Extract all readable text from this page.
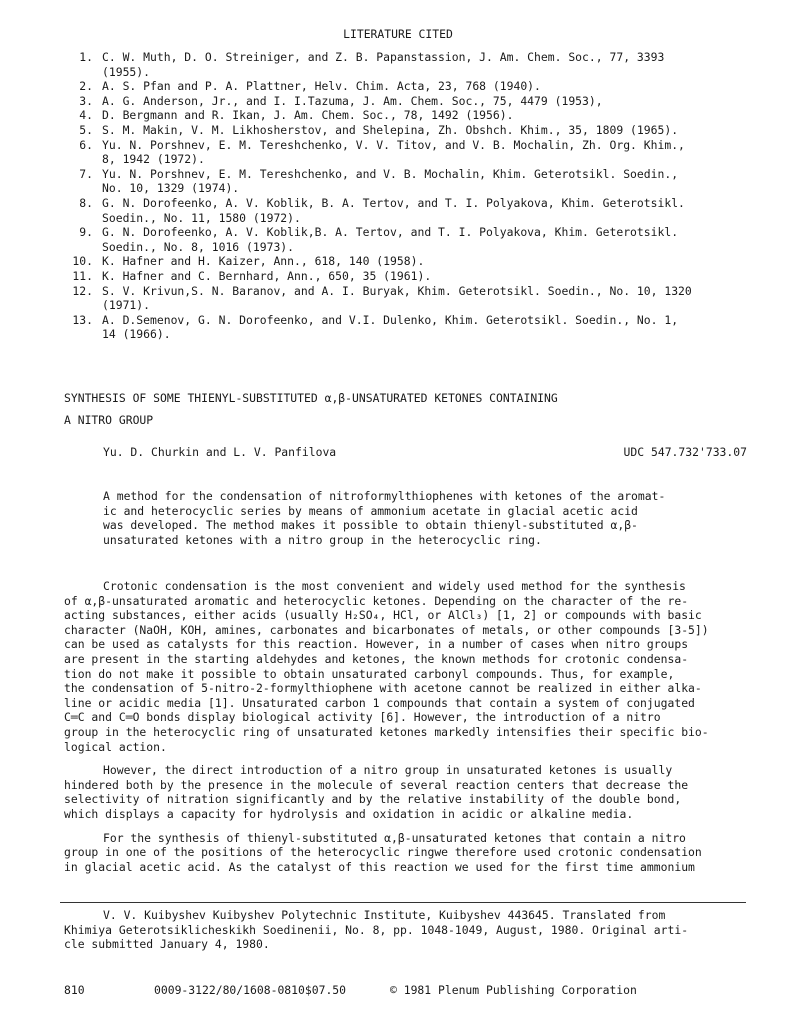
LITERATURE CITED
1. C. W. Muth, D. O. Streiniger, and Z. B. Papanstassion, J. Am. Chem. Soc., 77, 3393
(1955).
2. A. S. Pfan and P. A. Plattner, Helv. Chim. Acta, 23, 768 (1940).
3. A. G. Anderson, Jr., and I. I.Tazuma, J. Am. Chem. Soc., 75, 4479 (1953),
4. D. Bergmann and R. Ikan, J. Am. Chem. Soc., 78, 1492 (1956).
5. S. M. Makin, V. M. Likhosherstov, and Shelepina, Zh. Obshch. Khim., 35, 1809 (1965).
6. Yu. N. Porshnev, E. M. Tereshchenko, V. V. Titov, and V. B. Mochalin, Zh. Org. Khim.,
8, 1942 (1972).
7. Yu. N. Porshnev, E. M. Tereshchenko, and V. B. Mochalin, Khim. Geterotsikl. Soedin.,
No. 10, 1329 (1974).
8. G. N. Dorofeenko, A. V. Koblik, B. A. Tertov, and T. I. Polyakova, Khim. Geterotsikl.
Soedin., No. 11, 1580 (1972).
9. G. N. Dorofeenko, A. V. Koblik,B. A. Tertov, and T. I. Polyakova, Khim. Geterotsikl.
Soedin., No. 8, 1016 (1973).
10. K. Hafner and H. Kaizer, Ann., 618, 140 (1958).
11. K. Hafner and C. Bernhard, Ann., 650, 35 (1961).
12. S. V. Krivun,S. N. Baranov, and A. I. Buryak, Khim. Geterotsikl. Soedin., No. 10, 1320
(1971).
13. A. D.Semenov, G. N. Dorofeenko, and V.I. Dulenko, Khim. Geterotsikl. Soedin., No. 1,
14 (1966).
SYNTHESIS OF SOME THIENYL-SUBSTITUTED α,β-UNSATURATED KETONES CONTAINING
A NITRO GROUP
Yu. D. Churkin and L. V. Panfilova	UDC 547.732'733.07
A method for the condensation of nitroformylthiophenes with ketones of the aromat-
ic and heterocyclic series by means of ammonium acetate in glacial acetic acid
was developed. The method makes it possible to obtain thienyl-substituted α,β-
unsaturated ketones with a nitro group in the heterocyclic ring.
Crotonic condensation is the most convenient and widely used method for the synthesis
of α,β-unsaturated aromatic and heterocyclic ketones. Depending on the character of the re-
acting substances, either acids (usually H₂SO₄, HCl, or AlCl₃) [1, 2] or compounds with basic
character (NaOH, KOH, amines, carbonates and bicarbonates of metals, or other compounds [3-5])
can be used as catalysts for this reaction. However, in a number of cases when nitro groups
are present in the starting aldehydes and ketones, the known methods for crotonic condensa-
tion do not make it possible to obtain unsaturated carbonyl compounds. Thus, for example,
the condensation of 5-nitro-2-formylthiophene with acetone cannot be realized in either alka-
line or acidic media [1]. Unsaturated carbon 1 compounds that contain a system of conjugated
C═C and C═O bonds display biological activity [6]. However, the introduction of a nitro
group in the heterocyclic ring of unsaturated ketones markedly intensifies their specific bio-
logical action.
However, the direct introduction of a nitro group in unsaturated ketones is usually
hindered both by the presence in the molecule of several reaction centers that decrease the
selectivity of nitration significantly and by the relative instability of the double bond,
which displays a capacity for hydrolysis and oxidation in acidic or alkaline media.
For the synthesis of thienyl-substituted α,β-unsaturated ketones that contain a nitro
group in one of the positions of the heterocyclic ringwe therefore used crotonic condensation
in glacial acetic acid. As the catalyst of this reaction we used for the first time ammonium
V. V. Kuibyshev Kuibyshev Polytechnic Institute, Kuibyshev 443645. Translated from
Khimiya Geterotsiklicheskikh Soedinenii, No. 8, pp. 1048-1049, August, 1980. Original arti-
cle submitted January 4, 1980.
810	0009-3122/80/1608-0810$07.50	© 1981 Plenum Publishing Corporation
